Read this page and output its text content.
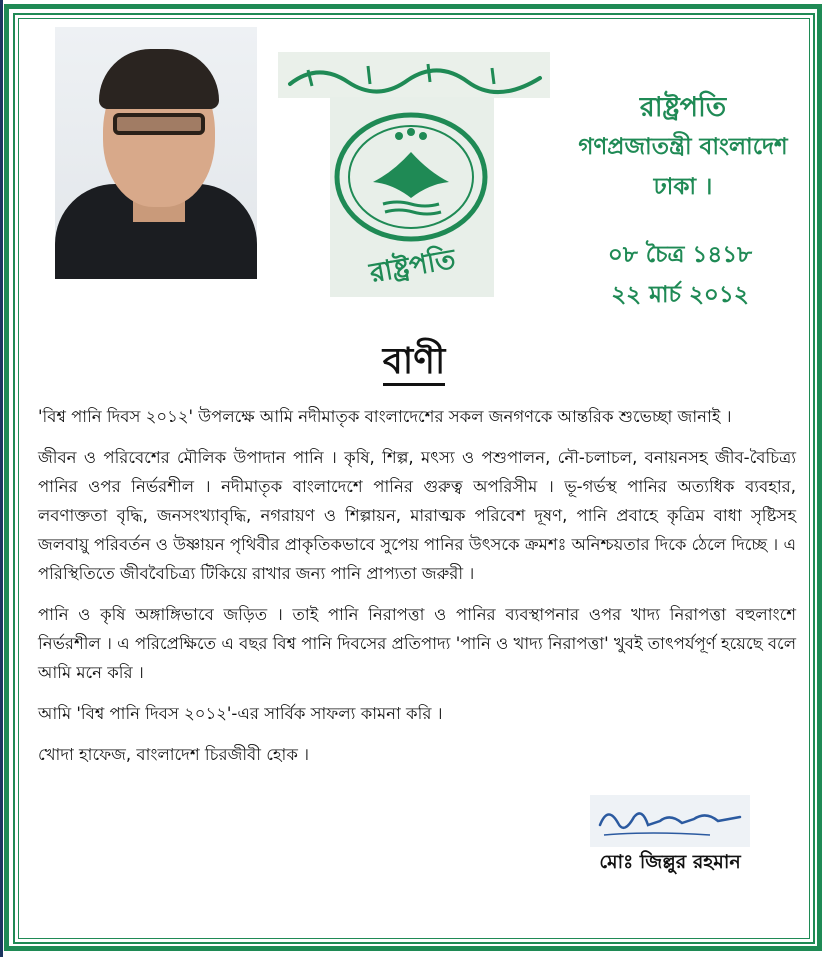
রাষ্ট্রপতি
রাষ্ট্রপতি
গণপ্রজাতন্ত্রী বাংলাদেশ
ঢাকা ।
০৮ চৈত্র ১৪১৮
২২ মার্চ ২০১২
বাণী

'বিশ্ব পানি দিবস ২০১২' উপলক্ষে আমি নদীমাতৃক বাংলাদেশের সকল জনগণকে আন্তরিক শুভেচ্ছা জানাই ।

জীবন ও পরিবেশের মৌলিক উপাদান পানি । কৃষি, শিল্প, মৎস্য ও পশুপালন, নৌ-চলাচল, বনায়নসহ জীব-বৈচিত্র্য পানির ওপর নির্ভরশীল । নদীমাতৃক বাংলাদেশে পানির গুরুত্ব অপরিসীম । ভূ-গর্ভস্থ পানির অত্যধিক ব্যবহার, লবণাক্ততা বৃদ্ধি, জনসংখ্যাবৃদ্ধি, নগরায়ণ ও শিল্পায়ন, মারাত্মক পরিবেশ দূষণ, পানি প্রবাহে কৃত্রিম বাধা সৃষ্টিসহ জলবায়ু পরিবর্তন ও উষ্ণায়ন পৃথিবীর প্রাকৃতিকভাবে সুপেয় পানির উৎসকে ক্রমশঃ অনিশ্চয়তার দিকে ঠেলে দিচ্ছে । এ পরিস্থিতিতে জীববৈচিত্র্য টিকিয়ে রাখার জন্য পানি প্রাপ্যতা জরুরী ।

পানি ও কৃষি অঙ্গাঙ্গিভাবে জড়িত । তাই পানি নিরাপত্তা ও পানির ব্যবস্থাপনার ওপর খাদ্য নিরাপত্তা বহুলাংশে নির্ভরশীল । এ পরিপ্রেক্ষিতে এ বছর বিশ্ব পানি দিবসের প্রতিপাদ্য 'পানি ও খাদ্য নিরাপত্তা' খুবই তাৎপর্যপূর্ণ হয়েছে বলে আমি মনে করি ।

আমি 'বিশ্ব পানি দিবস ২০১২'-এর সার্বিক সাফল্য কামনা করি ।

খোদা হাফেজ, বাংলাদেশ চিরজীবী হোক ।

মোঃ জিল্লুর রহমান
